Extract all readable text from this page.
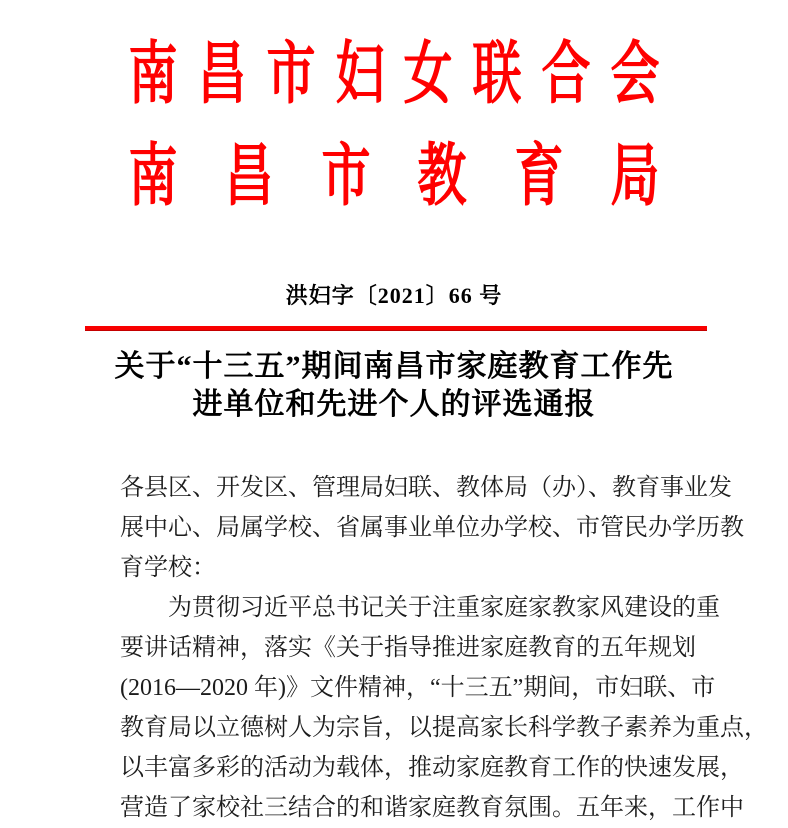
南 昌 市 妇 女 联 合 会
南 昌 市 教 育 局
洪妇字〔2021〕66 号
关于“十三五”期间南昌市家庭教育工作先
进单位和先进个人的评选通报
各县区、开发区、管理局妇联、教体局（办）、教育事业发
展中心、局属学校、省属事业单位办学校、市管民办学历教
育学校：
为贯彻习近平总书记关于注重家庭家教家风建设的重
要讲话精神，落实《关于指导推进家庭教育的五年规划
(2016—2020 年)》文件精神，“十三五”期间，市妇联、市
教育局以立德树人为宗旨，以提高家长科学教子素养为重点，
以丰富多彩的活动为载体，推动家庭教育工作的快速发展，
营造了家校社三结合的和谐家庭教育氛围。五年来，工作中
